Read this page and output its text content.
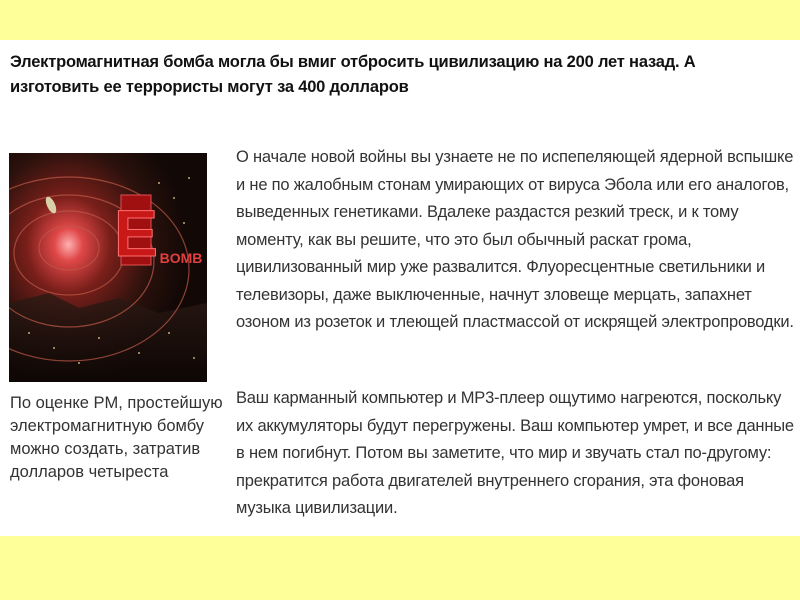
Электромагнитная бомба могла бы вмиг отбросить цивилизацию на 200 лет назад. А изготовить ее террористы могут за 400 долларов
E BOMB
По оценке PM, простейшую электромагнитную бомбу можно создать, затратив долларов четыреста
О начале новой войны вы узнаете не по испепеляющей ядерной вспышке и не по жалобным стонам умирающих от вируса Эбола или его аналогов, выведенных генетиками. Вдалеке раздастся резкий треск, и к тому моменту, как вы решите, что это был обычный раскат грома, цивилизованный мир уже развалится. Флуоресцентные светильники и телевизоры, даже выключенные, начнут зловеще мерцать, запахнет озоном из розеток и тлеющей пластмассой от искрящей электропроводки.
Ваш карманный компьютер и MP3-плеер ощутимо нагреются, поскольку их аккумуляторы будут перегружены. Ваш компьютер умрет, и все данные в нем погибнут. Потом вы заметите, что мир и звучать стал по-другому: прекратится работа двигателей внутреннего сгорания, эта фоновая музыка цивилизации.
